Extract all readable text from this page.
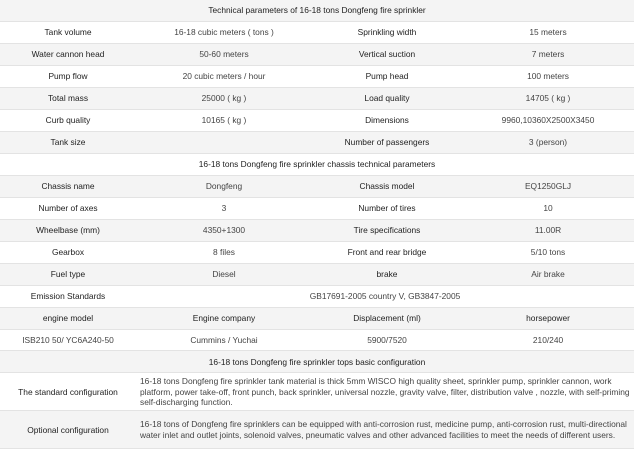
Technical parameters of 16-18 tons Dongfeng fire sprinkler			
Tank volume	16-18 cubic meters ( tons )	Sprinkling width	15 meters
Water cannon head	50-60 meters	Vertical suction	7 meters
Pump flow	20 cubic meters / hour	Pump head	100 meters
Total mass	25000 ( kg )	Load quality	14705 ( kg )
Curb quality	10165 ( kg )	Dimensions	9960,10360X2500X3450
Tank size		Number of passengers	3 (person)
16-18 tons Dongfeng fire sprinkler chassis technical parameters			
Chassis name	Dongfeng	Chassis model	EQ1250GLJ
Number of axes	3	Number of tires	10
Wheelbase (mm)	4350+1300	Tire specifications	11.00R
Gearbox	8 files	Front and rear bridge	5/10 tons
Fuel type	Diesel	brake	Air brake
Emission Standards	GB17691-2005 country V, GB3847-2005		
engine model	Engine company	Displacement (ml)	horsepower
ISB210 50/ YC6A240-50	Cummins / Yuchai	5900/7520	210/240
16-18 tons Dongfeng fire sprinkler tops basic configuration			
The standard configuration	16-18 tons Dongfeng fire sprinkler tank material is thick 5mm WISCO high quality sheet, sprinkler pump, sprinkler cannon, work platform, power take-off, front punch, back sprinkler, universal nozzle, gravity valve, filter, distribution valve , nozzle, with self-priming self-discharging function.		
Optional configuration	16-18 tons of Dongfeng fire sprinklers can be equipped with anti-corrosion rust, medicine pump, anti-corrosion rust, multi-directional water inlet and outlet joints, solenoid valves, pneumatic valves and other advanced facilities to meet the needs of different users.		
